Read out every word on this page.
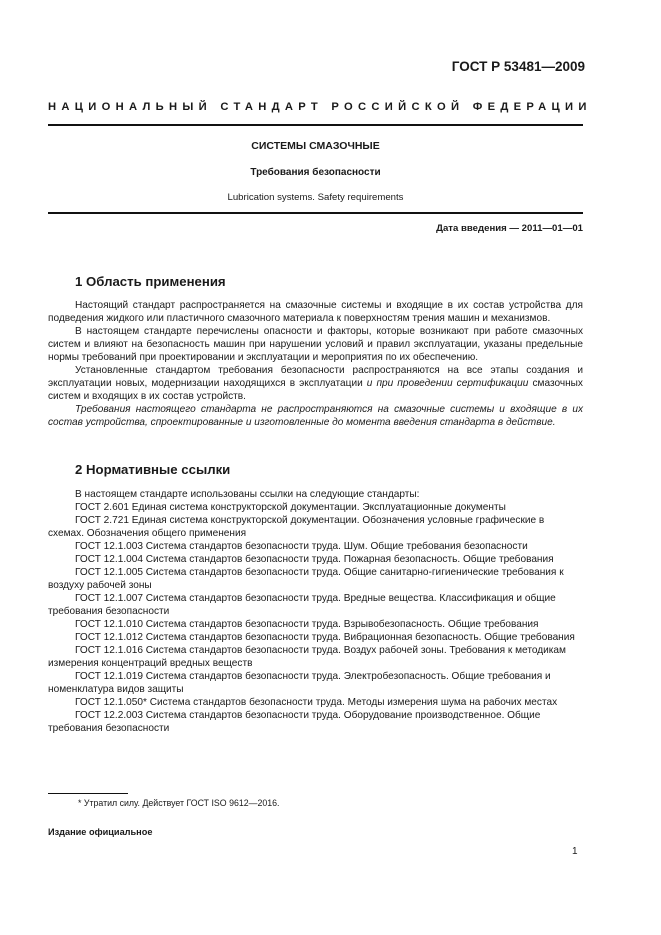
ГОСТ Р 53481—2009
НАЦИОНАЛЬНЫЙ СТАНДАРТ РОССИЙСКОЙ ФЕДЕРАЦИИ
СИСТЕМЫ СМАЗОЧНЫЕ
Требования безопасности
Lubrication systems. Safety requirements
Дата введения — 2011—01—01
1 Область применения

Настоящий стандарт распространяется на смазочные системы и входящие в их состав устройства для подведения жидкого или пластичного смазочного материала к поверхностям трения машин и механизмов.

В настоящем стандарте перечислены опасности и факторы, которые возникают при работе смазочных систем и влияют на безопасность машин при нарушении условий и правил эксплуатации, указаны предельные нормы требований при проектировании и эксплуатации и мероприятия по их обеспечению.

Установленные стандартом требования безопасности распространяются на все этапы создания и эксплуатации новых, модернизации находящихся в эксплуатации и при проведении сертификации смазочных систем и входящих в их состав устройств.

Требования настоящего стандарта не распространяются на смазочные системы и входящие в их состав устройства, спроектированные и изготовленные до момента введения стандарта в действие.

2 Нормативные ссылки

В настоящем стандарте использованы ссылки на следующие стандарты:

ГОСТ 2.601 Единая система конструкторской документации. Эксплуатационные документы

ГОСТ 2.721 Единая система конструкторской документации. Обозначения условные графические в схемах. Обозначения общего применения

ГОСТ 12.1.003 Система стандартов безопасности труда. Шум. Общие требования безопасности

ГОСТ 12.1.004 Система стандартов безопасности труда. Пожарная безопасность. Общие требования

ГОСТ 12.1.005 Система стандартов безопасности труда. Общие санитарно-гигиенические требования к воздуху рабочей зоны

ГОСТ 12.1.007 Система стандартов безопасности труда. Вредные вещества. Классификация и общие требования безопасности

ГОСТ 12.1.010 Система стандартов безопасности труда. Взрывобезопасность. Общие требования

ГОСТ 12.1.012 Система стандартов безопасности труда. Вибрационная безопасность. Общие требования

ГОСТ 12.1.016 Система стандартов безопасности труда. Воздух рабочей зоны. Требования к методикам измерения концентраций вредных веществ

ГОСТ 12.1.019 Система стандартов безопасности труда. Электробезопасность. Общие требования и номенклатура видов защиты

ГОСТ 12.1.050* Система стандартов безопасности труда. Методы измерения шума на рабочих местах

ГОСТ 12.2.003 Система стандартов безопасности труда. Оборудование производственное. Общие требования безопасности

* Утратил силу. Действует ГОСТ ISO 9612—2016.
Издание официальное
1
